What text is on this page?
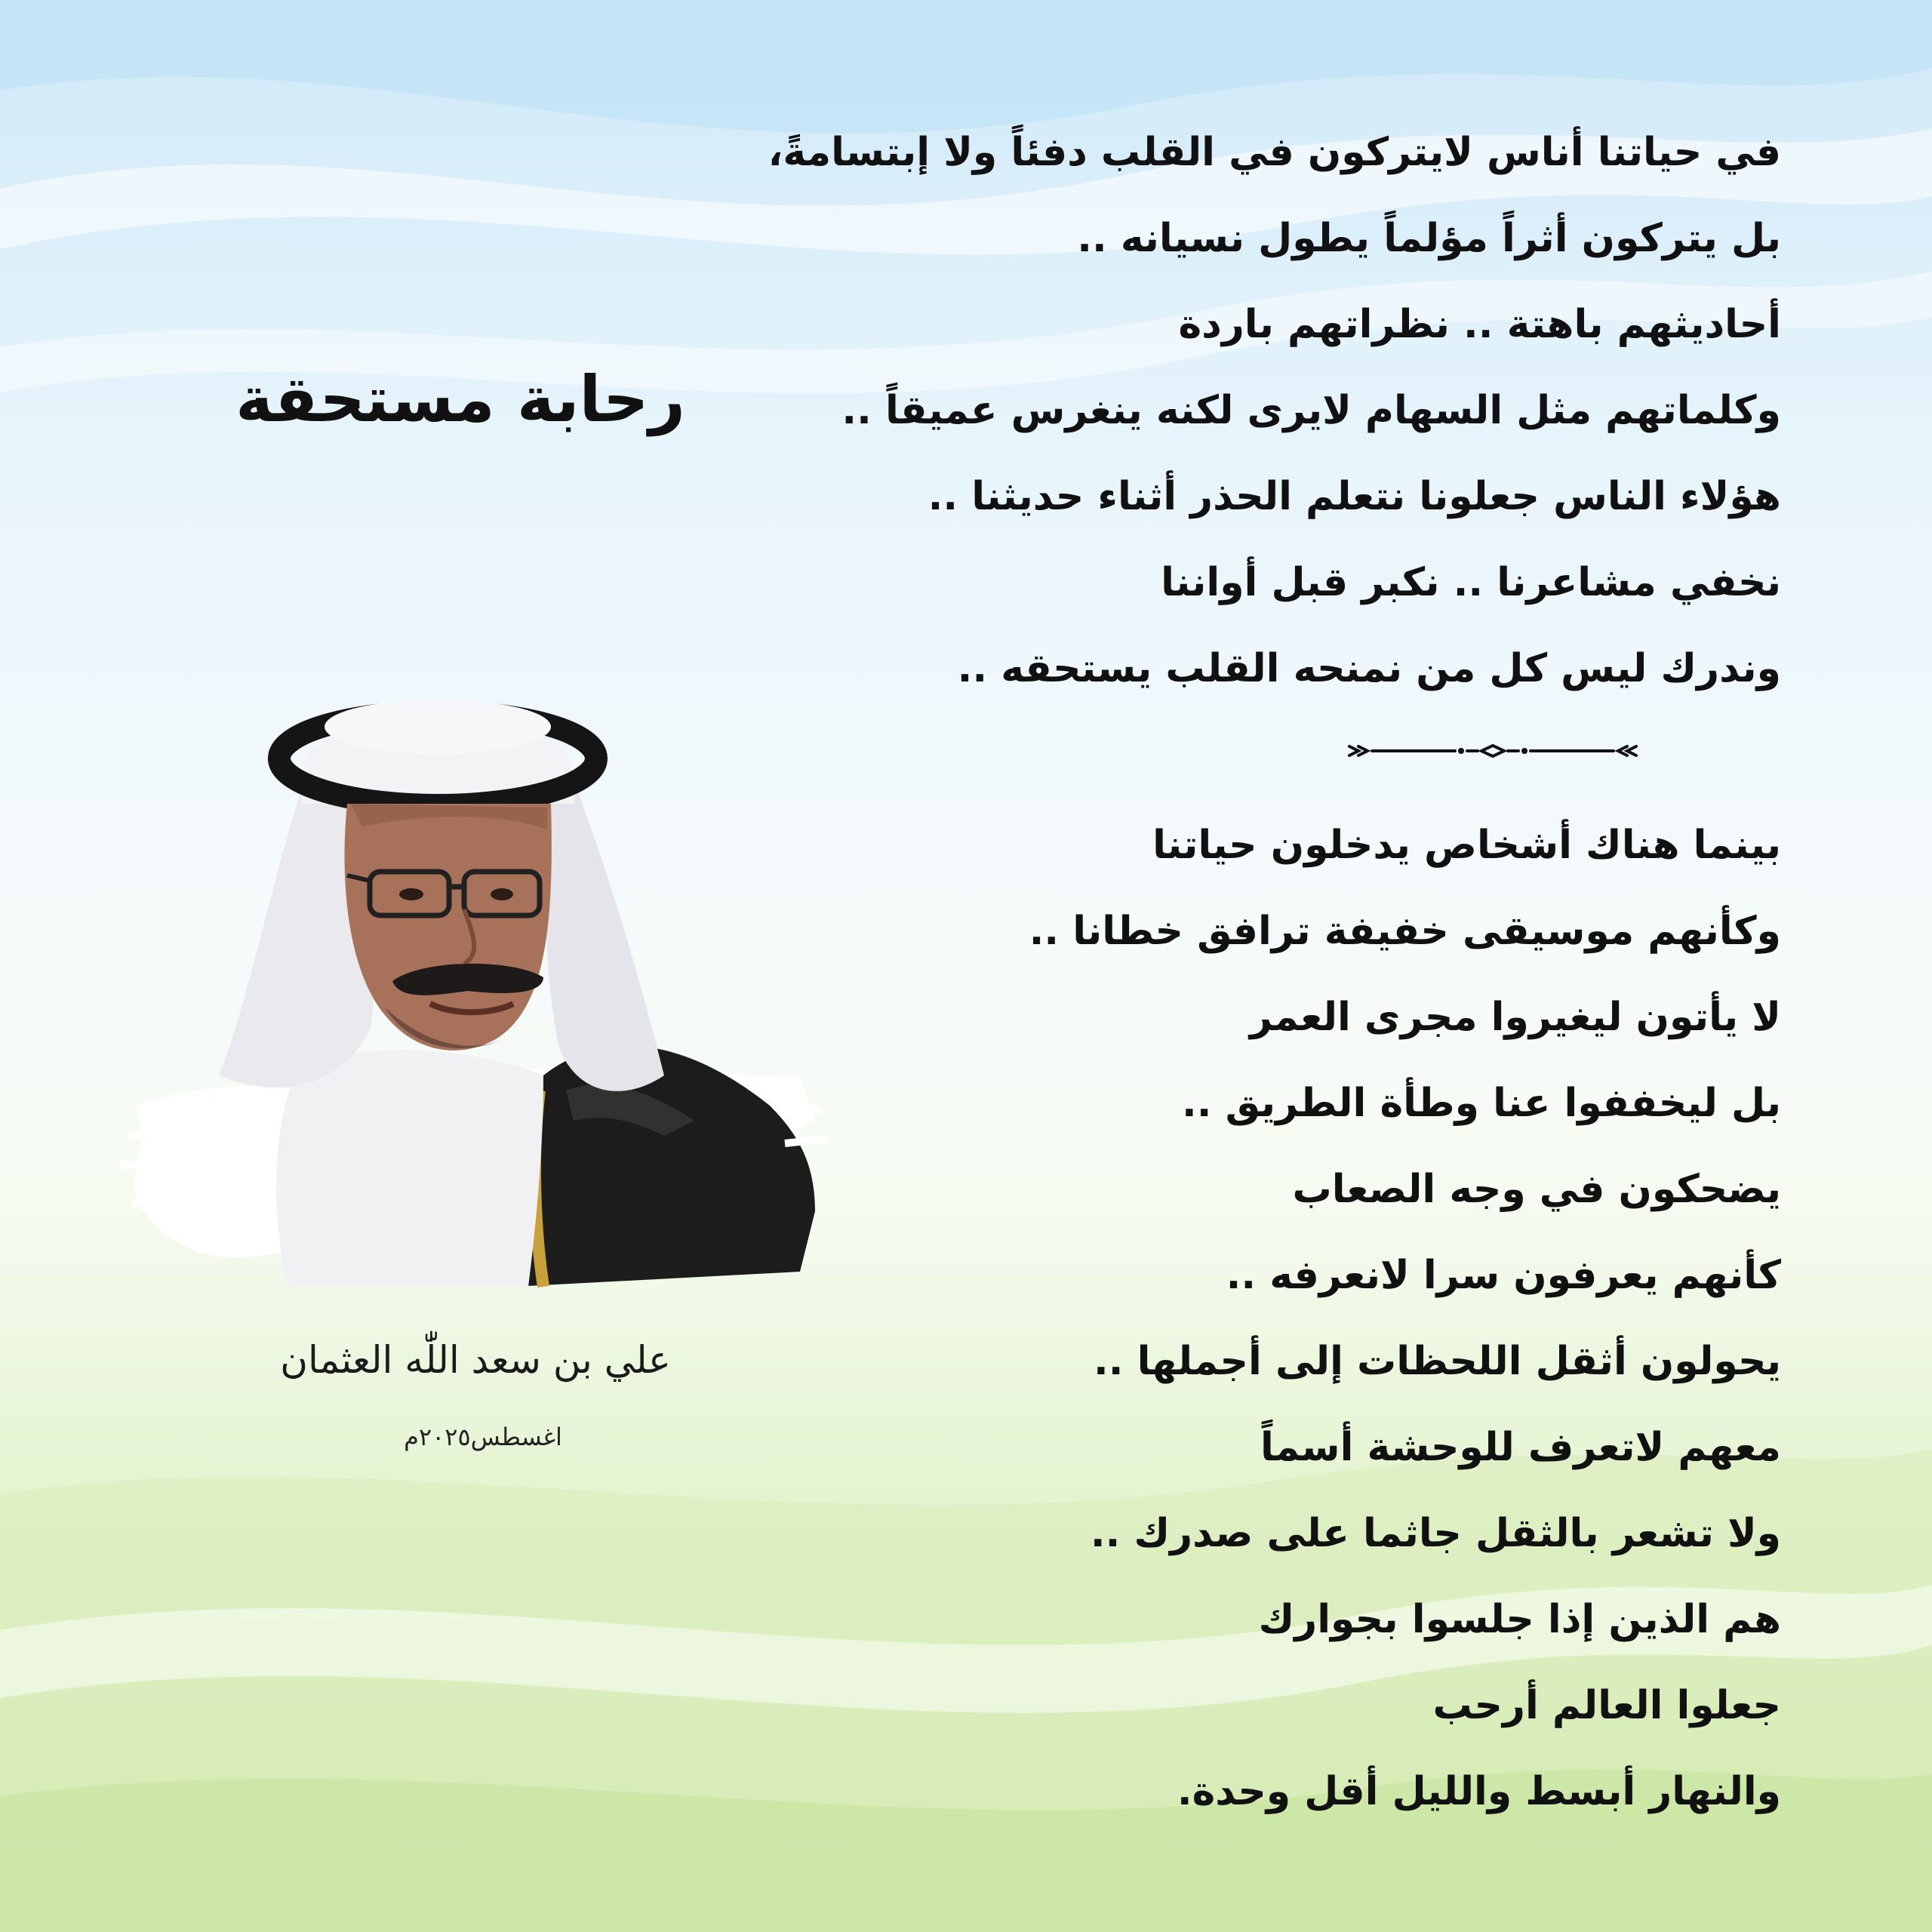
في حياتنا أناس لايتركون في القلب دفئاً ولا إبتسامةً،
بل يتركون أثراً مؤلماً يطول نسيانه ..
أحاديثهم باهتة .. نظراتهم باردة
وكلماتهم مثل السهام لايرى لكنه ينغرس عميقاً ..
هؤلاء الناس جعلونا نتعلم الحذر أثناء حديثنا ..
نخفي مشاعرنا .. نكبر قبل أواننا
وندرك ليس كل من نمنحه القلب يستحقه ..
بينما هناك أشخاص يدخلون حياتنا
وكأنهم موسيقى خفيفة ترافق خطانا ..
لا يأتون ليغيروا مجرى العمر
بل ليخففوا عنا وطأة الطريق ..
يضحكون في وجه الصعاب
كأنهم يعرفون سرا لانعرفه ..
يحولون أثقل اللحظات إلى أجملها ..
معهم لاتعرف للوحشة أسماً
ولا تشعر بالثقل جاثما على صدرك ..
هم الذين إذا جلسوا بجوارك
جعلوا العالم أرحب
والنهار أبسط والليل أقل وحدة.
رحابة مستحقة
علي بن سعد اللّٰه العثمان
اغسطس٢٠٢٥م
